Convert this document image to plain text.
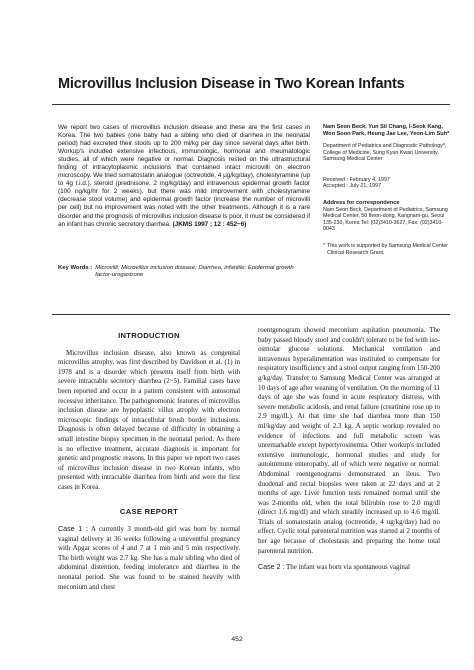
Microvillus Inclusion Disease in Two Korean Infants
We report two cases of microvillus inclusion disease and these are the first cases in Korea. The two babies (one baby had a sibling who died of diarrhea in the neonatal period) had excreted their stools up to 200 ml/kg per day since several days after birth. Workup's included extensive infectious, immunologic, hormonal and rheumatologic studies, all of which were negative or normal. Diagnosis rested on the ultrastructural finding of intracytoplasmic inclusions that contained intact microvilli on electron microscopy. We tried somatostatin analogue (octreotide, 4 μg/kg/day), cholestyramine (up to 4g t.i.d.), steroid (prednisone, 2 mg/kg/day) and intravenous epidermal growth factor (100 ng/kg/hr for 2 weeks), but there was mild improvement with cholestyramine (decrease stool volume) and epidermal growth factor (increase the number of microvilli per cell) but no improvement was noted with the other treatments. Although it is a rare disorder and the prognosis of microvillus inclusion disease is poor, it must be considered if an infant has chronic secretory diarrhea. (JKMS 1997 ; 12 : 452~6)
Key Words : Microvilli; Microvillus inclusion disease; Diarrhea, infantile; Epidermal growth factor-urogastrone
Nam Seon Beck, Yun Sil Chang, I-Seok Kang, Won Soon Park, Heung Jae Lee, Yeon-Lim Suh*
Department of Pediatrics and Diagnostic Pathology*, College of Medicine, Sung Kyun Kwan University, Samsung Medical Center
Received : February 4, 1997
Accepted : July 21, 1997
Address for correspondence
Nam Seon Beck, Department of Pediatrics, Samsung Medical Center, 50 Ilwon-dong, Kangnam-gu, Seoul 135-230, Korea Tel: (02)3410-3627, Fax: (02)3410-0043
* This work is supported by Samsung Medical Center Clinical Research Grant.
INTRODUCTION

Microvillus inclusion disease, also known as congenital microvillus atrophy, was first described by Davidson et al. (1) in 1978 and is a disorder which presents itself from birth with severe intractable secretory diarrhea (2~5). Familial cases have been reported and occur in a pattern consistent with autosomal recessive inheritance. The pathognomonic features of microvillus inclusion disease are hypoplastic villus atrophy with electron microscopic findings of intracellular brush border inclusions. Diagnosis is often delayed because of difficulty in obtaining a small intestine biopsy specimen in the neonatal period. As there is no effective treatment, accurate diagnosis is important for genetic and prognostic reasons. In this paper we report two cases of microvillus inclusion disease in two Korean infants, who presented with intractable diarrhea from birth and were the first cases in Korea.

CASE REPORT

Case 1 : A currently 3 month-old girl was born by normal vaginal delivery at 36 weeks following a uneventful pregnancy with Apgar scores of 4 and 7 at 1 min and 5 min respectively. The birth weight was 2.7 kg. She has a male sibling who died of abdominal distention, feeding intolerance and diarrhea in the neonatal period. She was found to be stained heavily with meconium and chest

roentgenogram showed meconium aspitation pneumonia. The baby passed bloody stool and couldn't tolerate to be fed with iso-osmolar glucose solutions. Mechanical ventilation and intravenous hyperalimentation was instituted to compensate for respiratory insufficiency and a stool output ranging from 150-200 g/kg/day. Transfer to Samsung Medical Center was arranged at 10 days of age after weaning of ventilation. On the morning of 11 days of age she was found in acute respiratory distress, with severe metabolic acidosis, and renal failure (creatinine rose up to 2.9 mg/dL). At that time she had diarrhea more than 150 ml/kg/day and weight of 2.3 kg. A septic workup revealed no evidence of infections and full metabolic screen was unremarkable except hypertyrosinemia. Other workup's included extensive immunologic, hormonal studies and study for autoimmune enteropathy, all of which were negative or normal. Abdominal roentgenograms demonstrated an ileus. Two duodenal and rectal biopsies were taken at 22 days and at 2 months of age. Liver function tests remained normal until she was 2-months old, when the total bilirubin rose to 2.0 mg/dl (direct 1.6 mg/dl) and which steadily increased up to 4.6 mg/dl. Trials of somatostatin analog (octreotide, 4 ug/kg/day) had no effect. Cyclic total parenteral nutrition was started at 2 months of her age because of cholestasis and preparing the home total parenteral nutrition.

Case 2 : The infant was born via spontaneous vaginal

452
